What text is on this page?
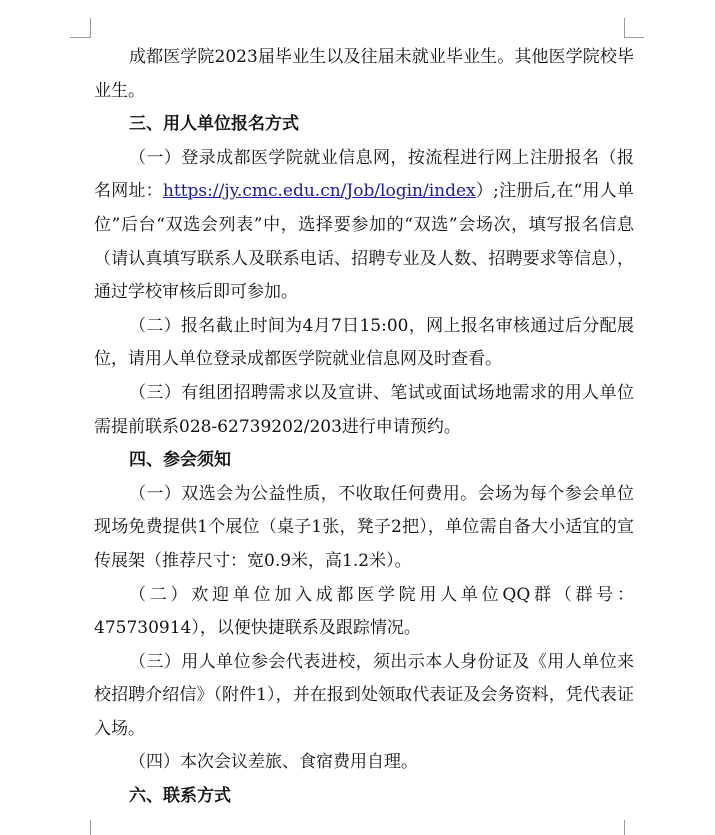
成都医学院2023届毕业生以及往届未就业毕业生。其他医学院校毕业生。

三、用人单位报名方式

（一）登录成都医学院就业信息网，按流程进行网上注册报名（报名网址：https://jy.cmc.edu.cn/Job/login/index）;注册后,在“用人单位”后台“双选会列表”中，选择要参加的“双选”会场次，填写报名信息（请认真填写联系人及联系电话、招聘专业及人数、招聘要求等信息），通过学校审核后即可参加。

（二）报名截止时间为4月7日15:00，网上报名审核通过后分配展位，请用人单位登录成都医学院就业信息网及时查看。

（三）有组团招聘需求以及宣讲、笔试或面试场地需求的用人单位需提前联系028-62739202/203进行申请预约。

四、参会须知

（一）双选会为公益性质，不收取任何费用。会场为每个参会单位现场免费提供1个展位（桌子1张，凳子2把），单位需自备大小适宜的宣传展架（推荐尺寸：宽0.9米，高1.2米）。

（二）欢迎单位加入成都医学院用人单位QQ群（群号：475730914），以便快捷联系及跟踪情况。

（三）用人单位参会代表进校，须出示本人身份证及《用人单位来校招聘介绍信》（附件1），并在报到处领取代表证及会务资料，凭代表证入场。

（四）本次会议差旅、食宿费用自理。

六、联系方式
